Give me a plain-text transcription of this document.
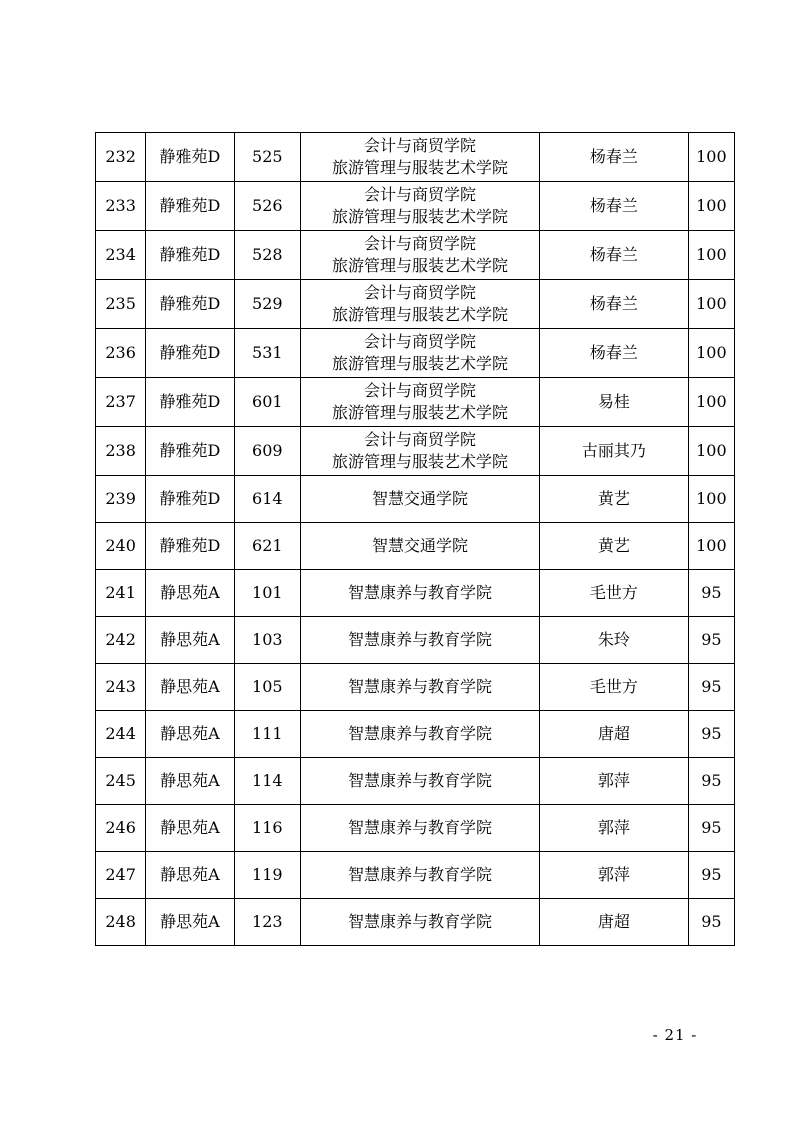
232	静雅苑D	525	会计与商贸学院
旅游管理与服装艺术学院	杨春兰	100
233	静雅苑D	526	会计与商贸学院
旅游管理与服装艺术学院	杨春兰	100
234	静雅苑D	528	会计与商贸学院
旅游管理与服装艺术学院	杨春兰	100
235	静雅苑D	529	会计与商贸学院
旅游管理与服装艺术学院	杨春兰	100
236	静雅苑D	531	会计与商贸学院
旅游管理与服装艺术学院	杨春兰	100
237	静雅苑D	601	会计与商贸学院
旅游管理与服装艺术学院	易桂	100
238	静雅苑D	609	会计与商贸学院
旅游管理与服装艺术学院	古丽其乃	100
239	静雅苑D	614	智慧交通学院	黄艺	100
240	静雅苑D	621	智慧交通学院	黄艺	100
241	静思苑A	101	智慧康养与教育学院	毛世方	95
242	静思苑A	103	智慧康养与教育学院	朱玲	95
243	静思苑A	105	智慧康养与教育学院	毛世方	95
244	静思苑A	111	智慧康养与教育学院	唐超	95
245	静思苑A	114	智慧康养与教育学院	郭萍	95
246	静思苑A	116	智慧康养与教育学院	郭萍	95
247	静思苑A	119	智慧康养与教育学院	郭萍	95
248	静思苑A	123	智慧康养与教育学院	唐超	95
- 21 -
